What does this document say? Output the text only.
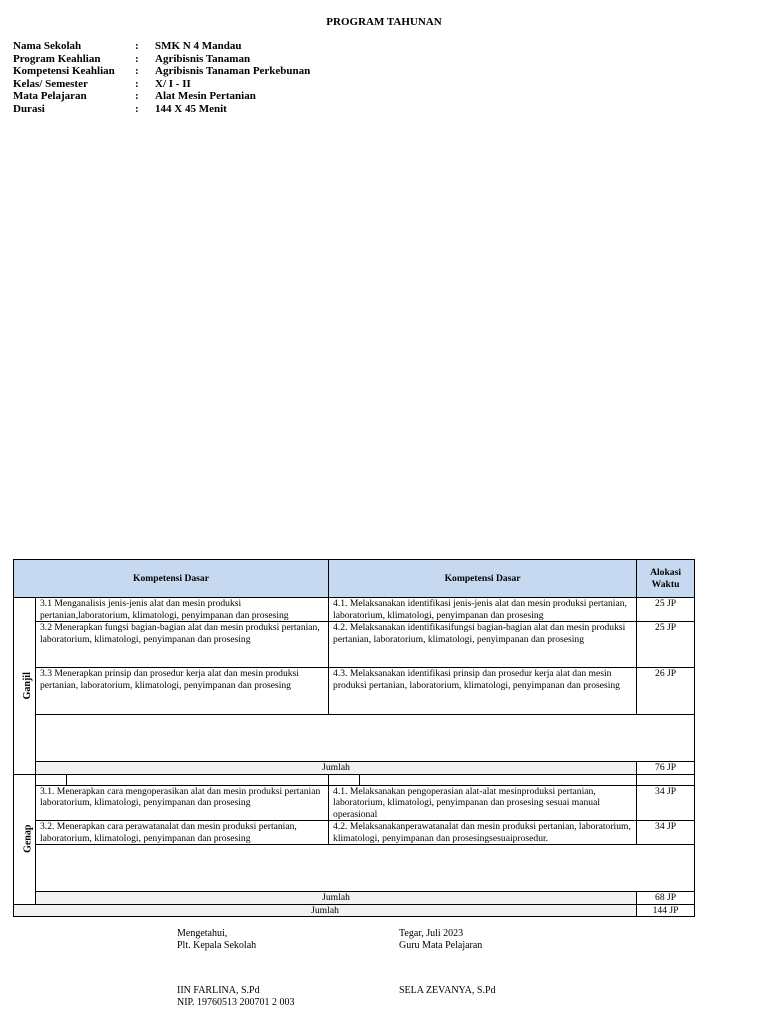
PROGRAM TAHUNAN
Nama Sekolah	: SMK N 4 Mandau
Program Keahlian	: Agribisnis Tanaman
Kompetensi Keahlian : Agribisnis Tanaman Perkebunan
Kelas/ Semester	: X/ I - II
Mata Pelajaran	: Alat Mesin Pertanian
Durasi	: 144 X 45 Menit
Kompetensi Dasar			Kompetensi Dasar		Alokasi Waktu
Ganjil	3.1 Menganalisis jenis-jenis alat dan mesin produksi pertanian,laboratorium, klimatologi, penyimpanan dan prosesing		4.1. Melaksanakan identifikasi jenis-jenis alat dan mesin produksi pertanian, laboratorium, klimatologi, penyimpanan dan prosesing		25 JP
	3.2 Menerapkan fungsi bagian-bagian alat dan mesin produksi pertanian, laboratorium, klimatologi, penyimpanan dan prosesing		4.2. Melaksanakan identifikasifungsi bagian-bagian alat dan mesin produksi pertanian, laboratorium, klimatologi, penyimpanan dan prosesing		25 JP
	3.3 Menerapkan prinsip dan prosedur kerja alat dan mesin produksi pertanian, laboratorium, klimatologi, penyimpanan dan prosesing		4.3. Melaksanakan identifikasi prinsip dan prosedur kerja alat dan mesin produksi pertanian, laboratorium, klimatologi, penyimpanan dan prosesing		26 JP

	Jumlah				76 JP
Genap					
	3.1. Menerapkan cara mengoperasikan alat dan mesin produksi pertanian laboratorium, klimatologi, penyimpanan dan prosesing		4.1. Melaksanakan pengoperasian alat-alat mesinproduksi pertanian, laboratorium, klimatologi, penyimpanan dan prosesing sesuai manual operasional		34 JP
	3.2. Menerapkan cara perawatanalat dan mesin produksi pertanian, laboratorium, klimatologi, penyimpanan dan prosesing		4.2. Melaksanakanperawatanalat dan mesin produksi pertanian, laboratorium, klimatologi, penyimpanan dan prosesingsesuaiprosedur.		34 JP

	Jumlah				68 JP
Jumlah					144 JP
Mengetahui,
Plt. Kepala Sekolah
Tegar, Juli 2023
Guru Mata Pelajaran
IIN FARLINA, S.Pd
NIP. 19760513 200701 2 003
SELA ZEVANYA, S.Pd
